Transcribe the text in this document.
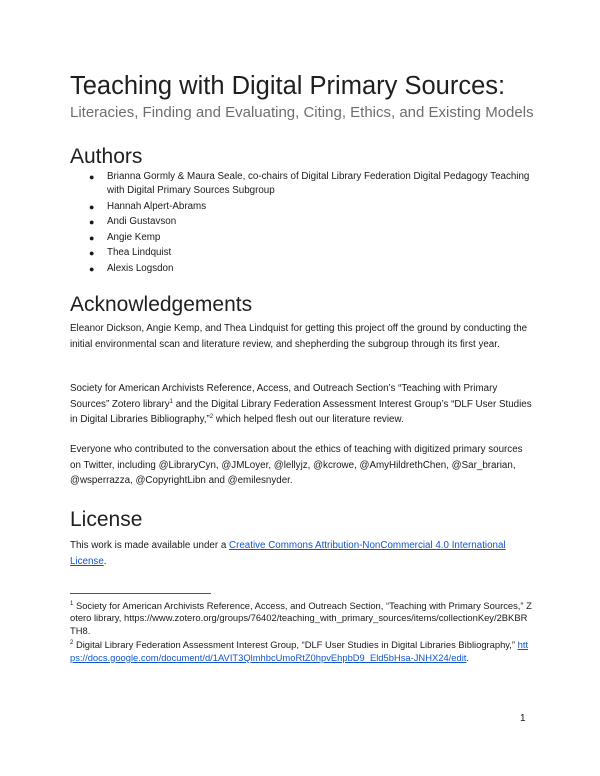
Teaching with Digital Primary Sources:
Literacies, Finding and Evaluating, Citing, Ethics, and Existing Models
Authors
● Brianna Gormly & Maura Seale, co-chairs of Digital Library Federation Digital Pedagogy Teaching with Digital Primary Sources Subgroup
● Hannah Alpert-Abrams
● Andi Gustavson
● Angie Kemp
● Thea Lindquist
● Alexis Logsdon
Acknowledgements

Eleanor Dickson, Angie Kemp, and Thea Lindquist for getting this project off the ground by conducting the initial environmental scan and literature review, and shepherding the subgroup through its first year.

Society for American Archivists Reference, Access, and Outreach Section’s “Teaching with Primary Sources” Zotero library$^1$ and the Digital Library Federation Assessment Interest Group’s “DLF User Studies in Digital Libraries Bibliography,”$^2$ which helped flesh out our literature review.

Everyone who contributed to the conversation about the ethics of teaching with digitized primary sources on Twitter, including @LibraryCyn, @JMLoyer, @lellyjz, @kcrowe, @AmyHildrethChen, @Sar_brarian, @wsperrazza, @CopyrightLibn and @emilesnyder.

License

This work is made available under a Creative Commons Attribution-NonCommercial 4.0 International License.

$^1$ Society for American Archivists Reference, Access, and Outreach Section, “Teaching with Primary Sources,” Zotero library, https://www.zotero.org/groups/76402/teaching_with_primary_sources/items/collectionKey/2BKBRTH8.

$^2$ Digital Library Federation Assessment Interest Group, “DLF User Studies in Digital Libraries Bibliography,” https://docs.google.com/document/d/1AVIT3QlmhbcUmoRtZ0hpvEhpbD9_Eld5bHsa-JNHX24/edit.

1
